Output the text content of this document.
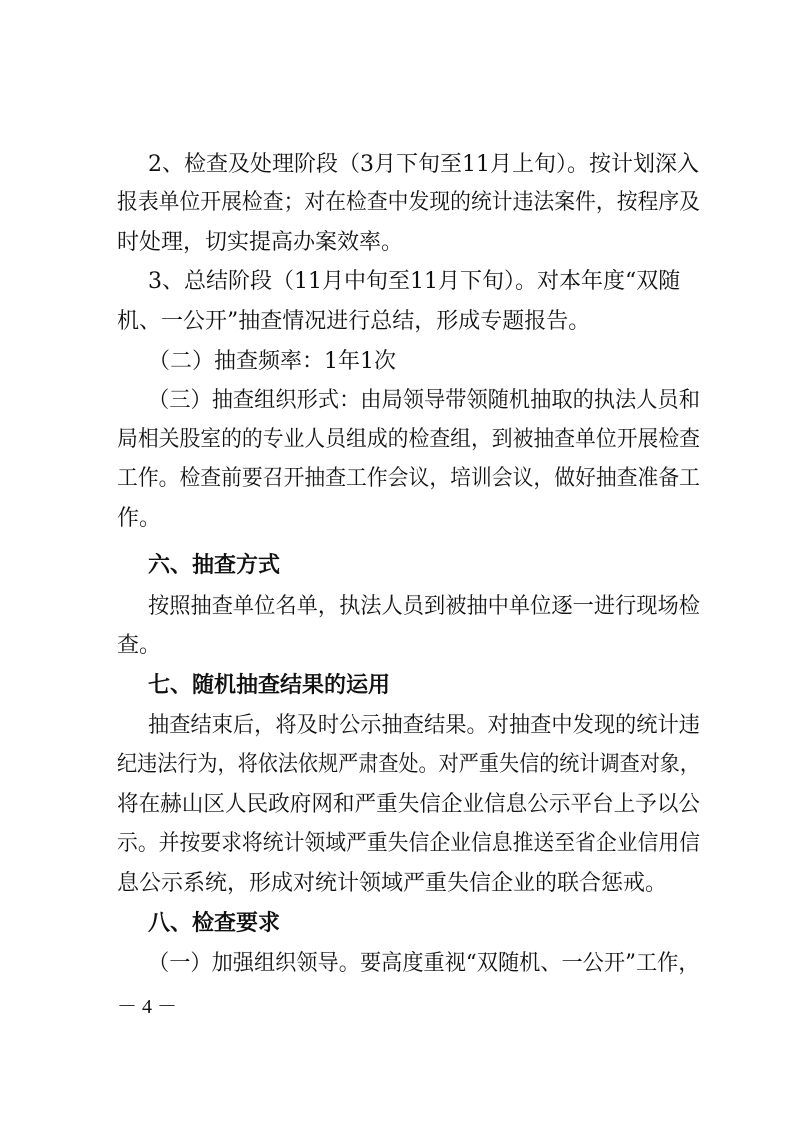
2、检查及处理阶段（3月下旬至11月上旬）。按计划深入
报表单位开展检查；对在检查中发现的统计违法案件，按程序及
时处理，切实提高办案效率。
3、总结阶段（11月中旬至11月下旬）。对本年度“双随
机、一公开”抽查情况进行总结，形成专题报告。
（二）抽查频率：1年1次
（三）抽查组织形式：由局领导带领随机抽取的执法人员和
局相关股室的的专业人员组成的检查组，到被抽查单位开展检查
工作。检查前要召开抽查工作会议，培训会议，做好抽查准备工
作。
六、抽查方式
按照抽查单位名单，执法人员到被抽中单位逐一进行现场检
查。
七、随机抽查结果的运用
抽查结束后，将及时公示抽查结果。对抽查中发现的统计违
纪违法行为，将依法依规严肃查处。对严重失信的统计调查对象，
将在赫山区人民政府网和严重失信企业信息公示平台上予以公
示。并按要求将统计领域严重失信企业信息推送至省企业信用信
息公示系统，形成对统计领域严重失信企业的联合惩戒。
八、检查要求
（一）加强组织领导。要高度重视“双随机、一公开”工作，
－ 4 －
